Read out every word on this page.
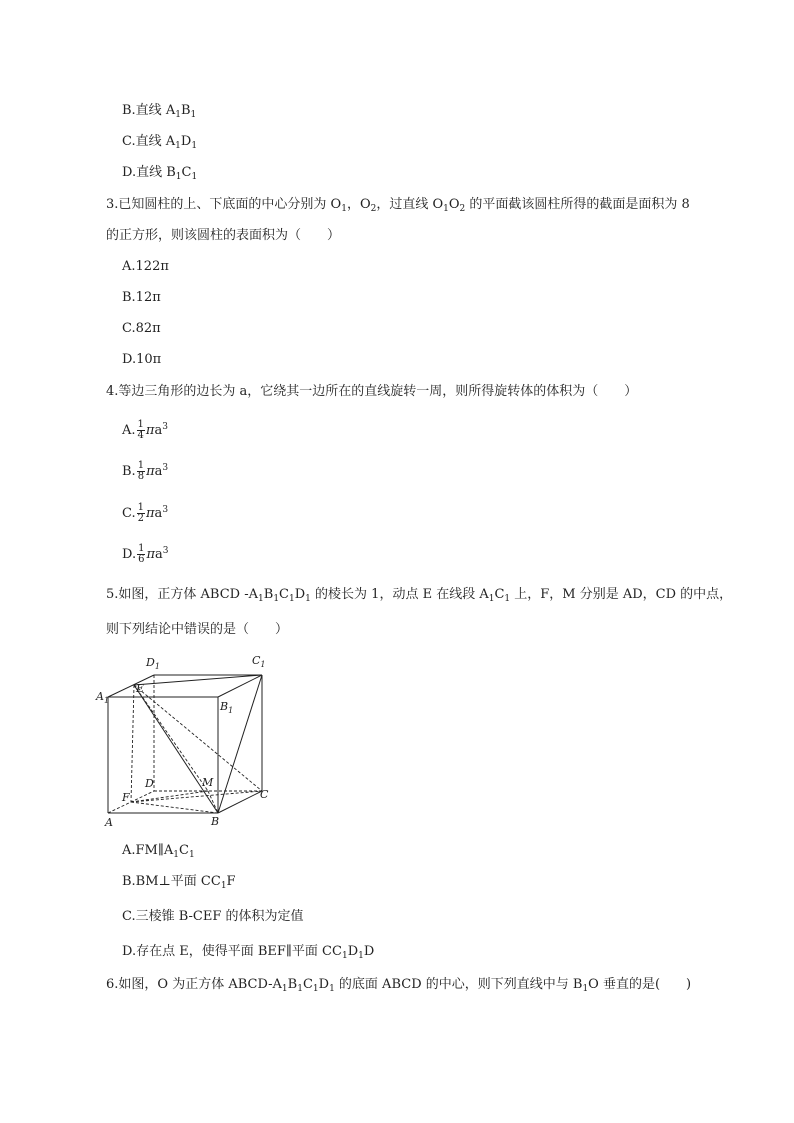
B.直线 $A_1B_1$
C.直线 $A_1D_1$
D.直线 $B_1C_1$
3.已知圆柱的上、下底面的中心分别为 $O_1$，$O_2$，过直线 $O_1O_2$ 的平面截该圆柱所得的截面是面积为 8
的正方形，则该圆柱的表面积为（　　）
A.122π
B.12π
C.82π
D.10π
4.等边三角形的边长为 a，它绕其一边所在的直线旋转一周，则所得旋转体的体积为（　　）
A. $\frac{1}{4} \pi a^3$
B. $\frac{1}{8} \pi a^3$
C. $\frac{1}{2} \pi a^3$
D. $\frac{1}{6} \pi a^3$
5.如图，正方体 ABCD $-A_1B_1C_1D_1$ 的棱长为 1，动点 E 在线段 $A_1C_1$ 上，F，M 分别是 AD，CD 的中点，
则下列结论中错误的是（　　）
$D_1$	$C_1$
$A_1$	$B_1$
E
D	M
F	C
A	B
$A.FM\parallel A_1C_1$
B.BM⊥平面 $CC_1F$
C.三棱锥 B-CEF 的体积为定值
D.存在点 E，使得平面 BEF∥平面 $CC_1D_1D$
6.如图，O 为正方体 ABCD-$A_1B_1C_1D_1$ 的底面 ABCD 的中心，则下列直线中与 $B_1O$ 垂直的是(　　)
